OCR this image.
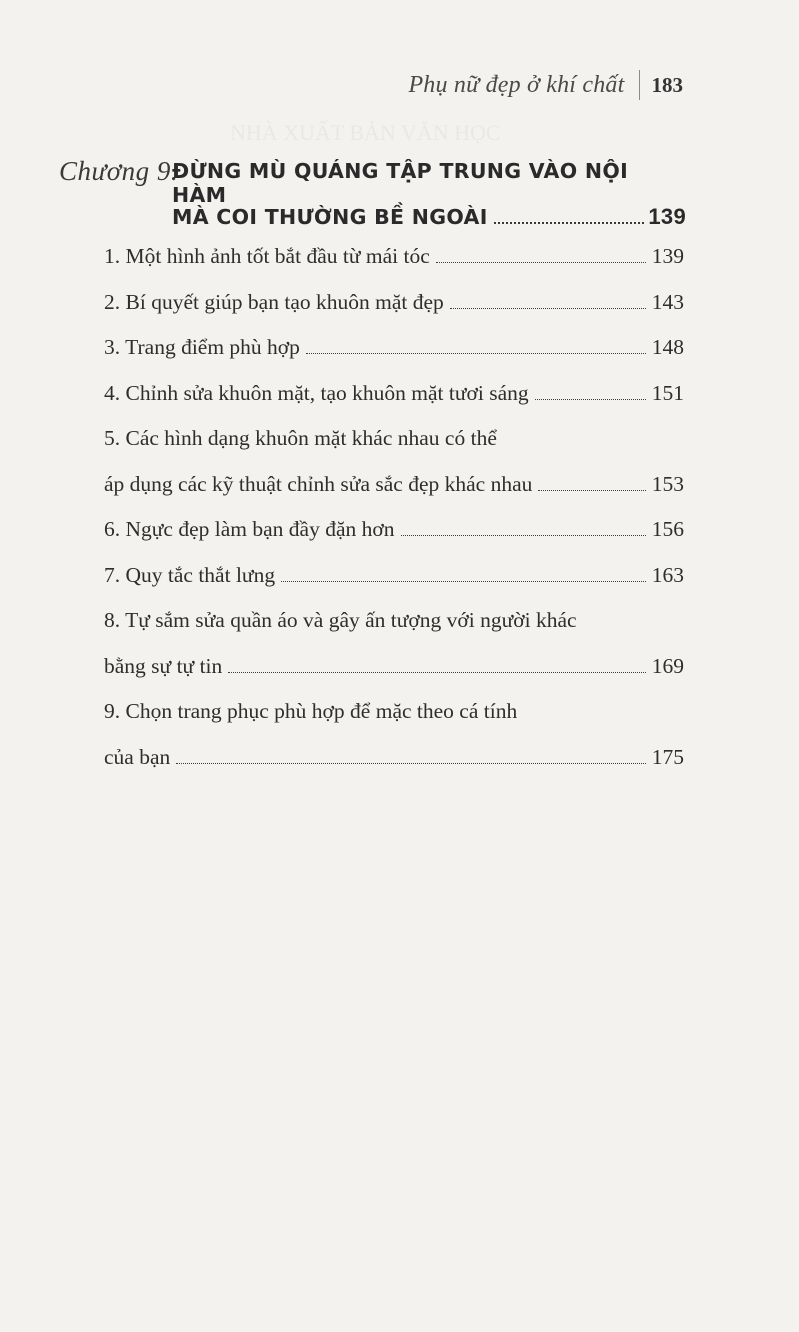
NHÀ XUẤT BẢN VĂN HỌC
Phụ nữ đẹp ở khí chất 183
Chương 9.
ĐỪNG MÙ QUÁNG TẬP TRUNG VÀO NỘI HÀM
MÀ COI THƯỜNG BỀ NGOÀI	139
1. Một hình ảnh tốt bắt đầu từ mái tóc	139
2. Bí quyết giúp bạn tạo khuôn mặt đẹp	143
3. Trang điểm phù hợp	148
4. Chỉnh sửa khuôn mặt, tạo khuôn mặt tươi sáng	151
5. Các hình dạng khuôn mặt khác nhau có thể
áp dụng các kỹ thuật chỉnh sửa sắc đẹp khác nhau	153
6. Ngực đẹp làm bạn đầy đặn hơn	156
7. Quy tắc thắt lưng	163
8. Tự sắm sửa quần áo và gây ấn tượng với người khác
bằng sự tự tin	169
9. Chọn trang phục phù hợp để mặc theo cá tính
của bạn	175
